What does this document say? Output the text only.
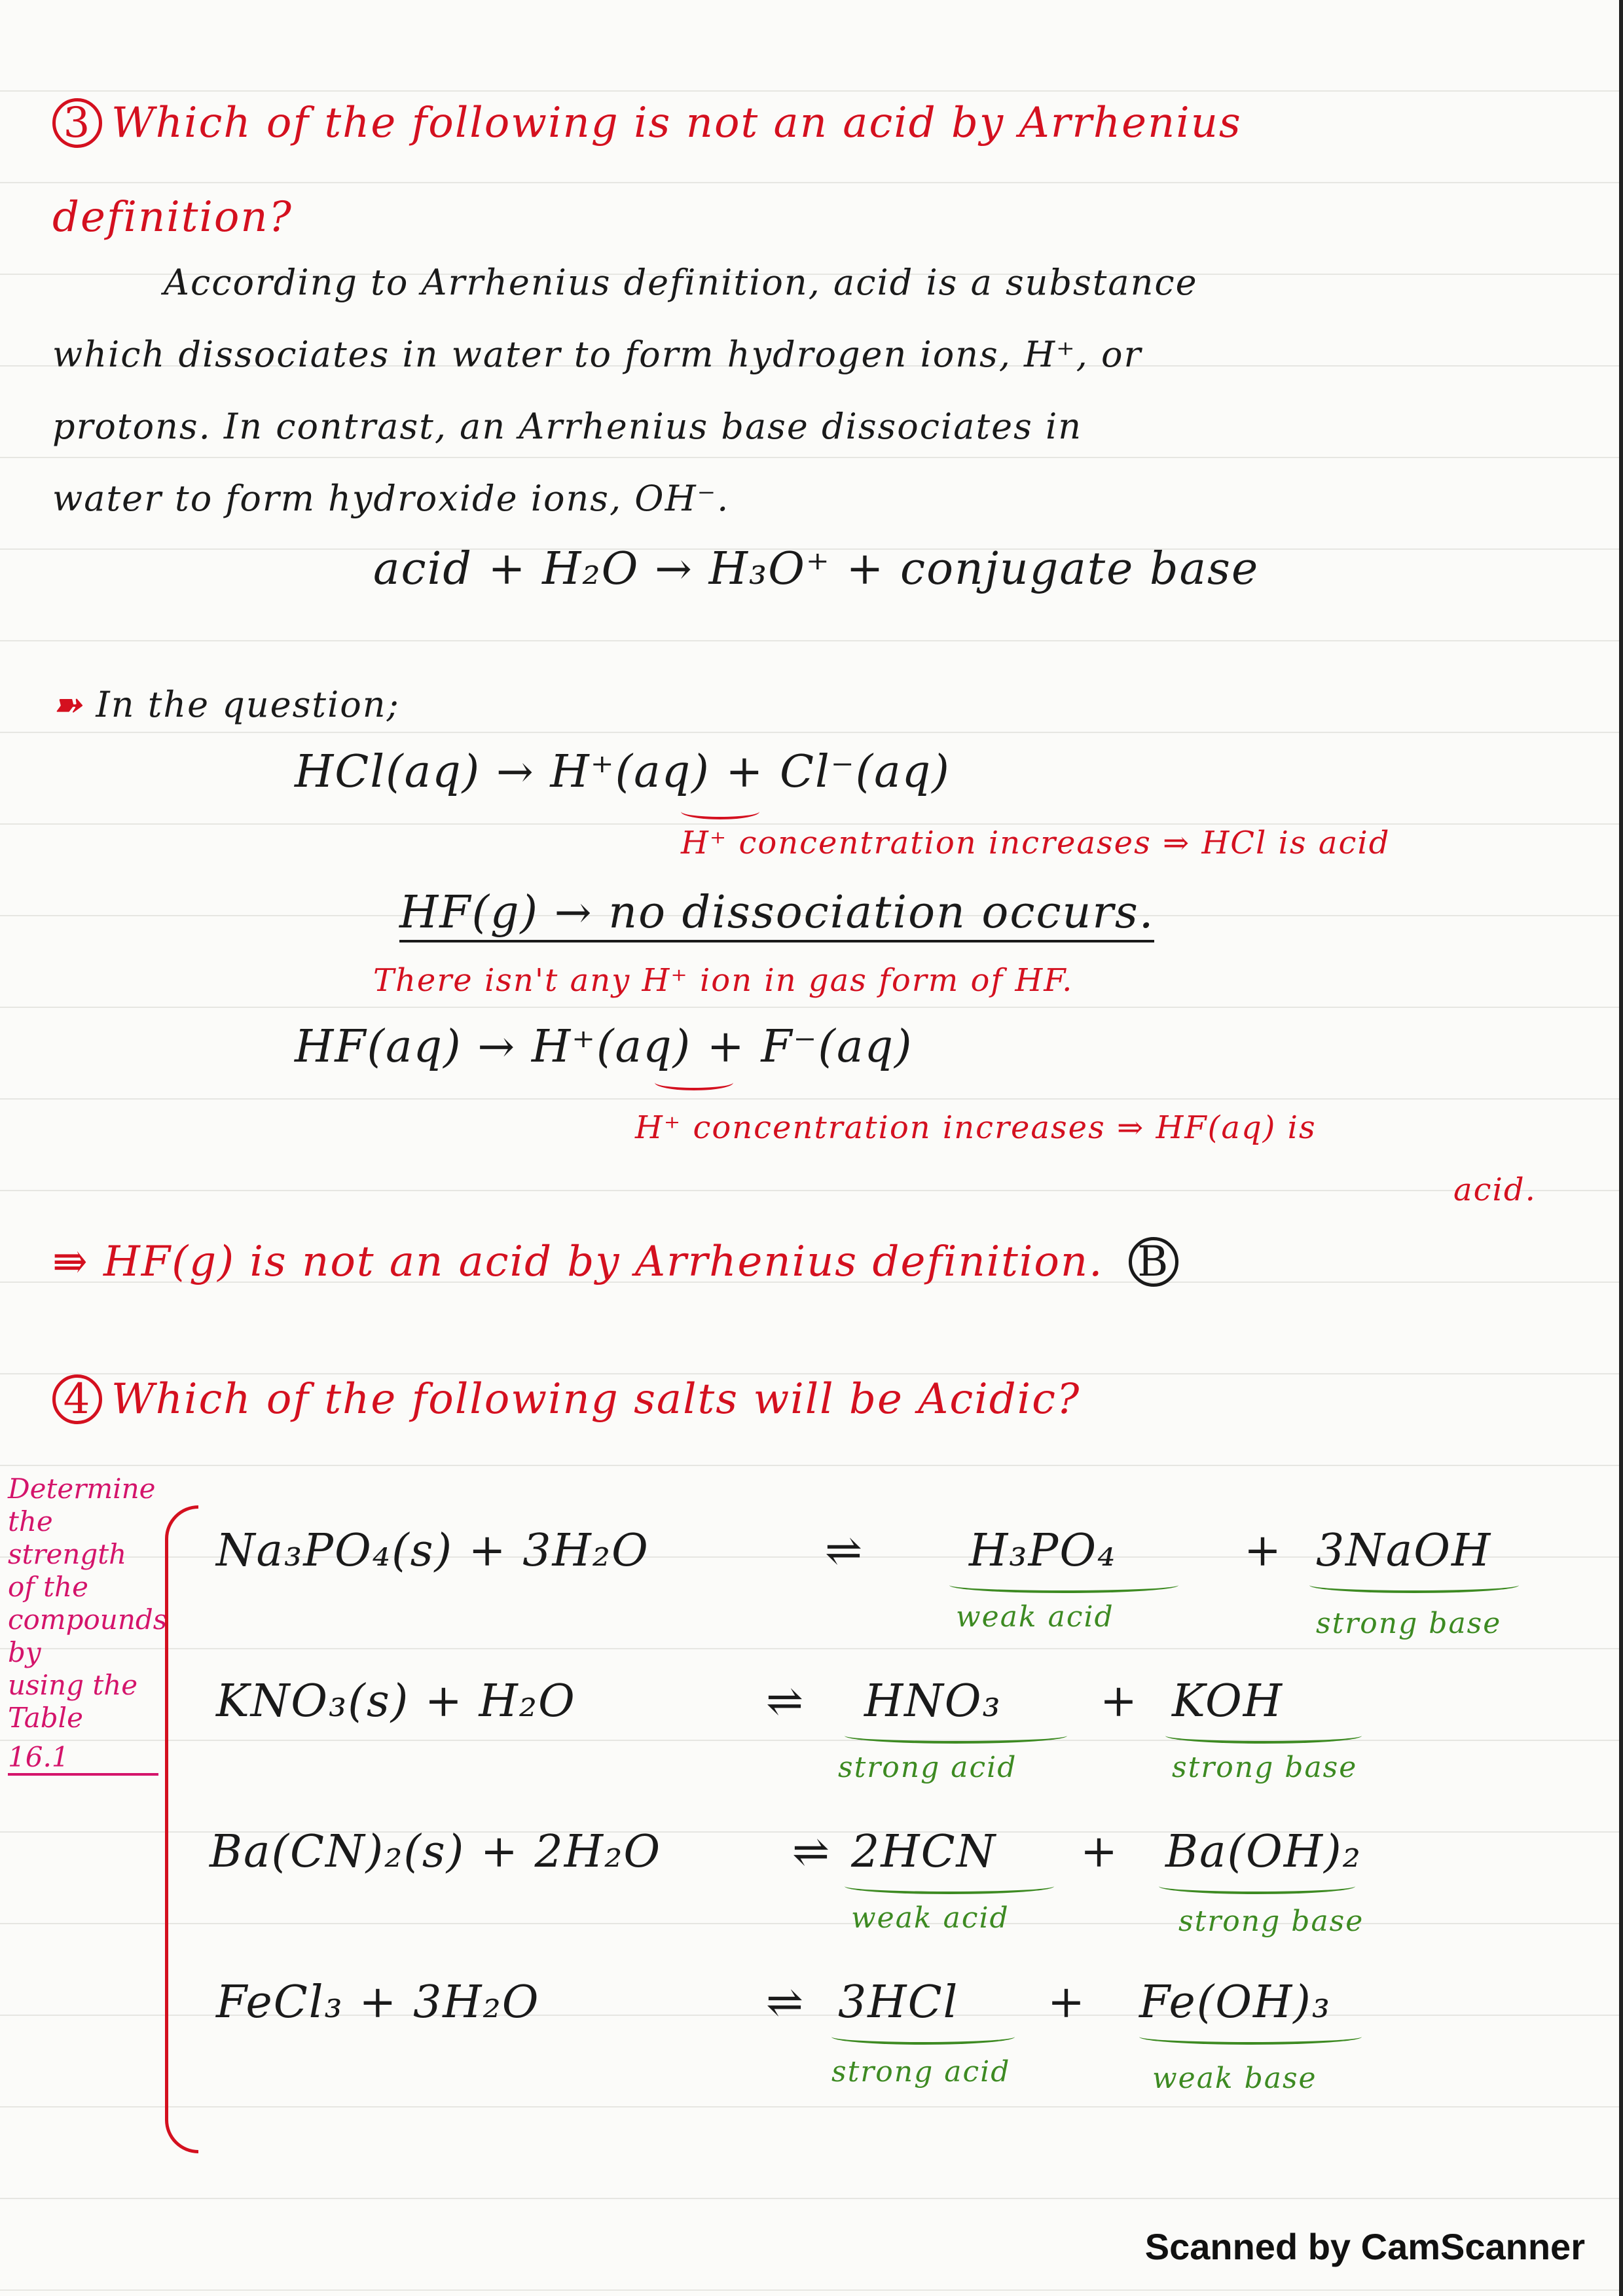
3 Which of the following is not an acid by Arrhenius
definition?
According to Arrhenius definition, acid is a substance
which dissociates in water to form hydrogen ions, H⁺, or
protons. In contrast, an Arrhenius base dissociates in
water to form hydroxide ions, OH⁻.
acid + H₂O → H₃O⁺ + conjugate base
➽ In the question;
HCl(aq) → H⁺(aq) + Cl⁻(aq)
H⁺ concentration increases ⇒ HCl is acid
HF(g) → no dissociation occurs.
There isn't any H⁺ ion in gas form of HF.
HF(aq) → H⁺(aq) + F⁻(aq)
H⁺ concentration increases ⇒ HF(aq) is
acid.
⇛ HF(g) is not an acid by Arrhenius definition. B
4 Which of the following salts will be Acidic?
Determine
the
strength
of the
compounds
by
using the
Table
16.1
Na₃PO₄(s) + 3H₂O	⇌ H₃PO₄	+ 3NaOH
weak acid	strong base
KNO₃(s) + H₂O	⇌ HNO₃ + KOH
strong acid	strong base
Ba(CN)₂(s) + 2H₂O	⇌ 2HCN + Ba(OH)₂
weak acid	strong base
FeCl₃ + 3H₂O	⇌ 3HCl + Fe(OH)₃
strong acid	weak base
Scanned by CamScanner
